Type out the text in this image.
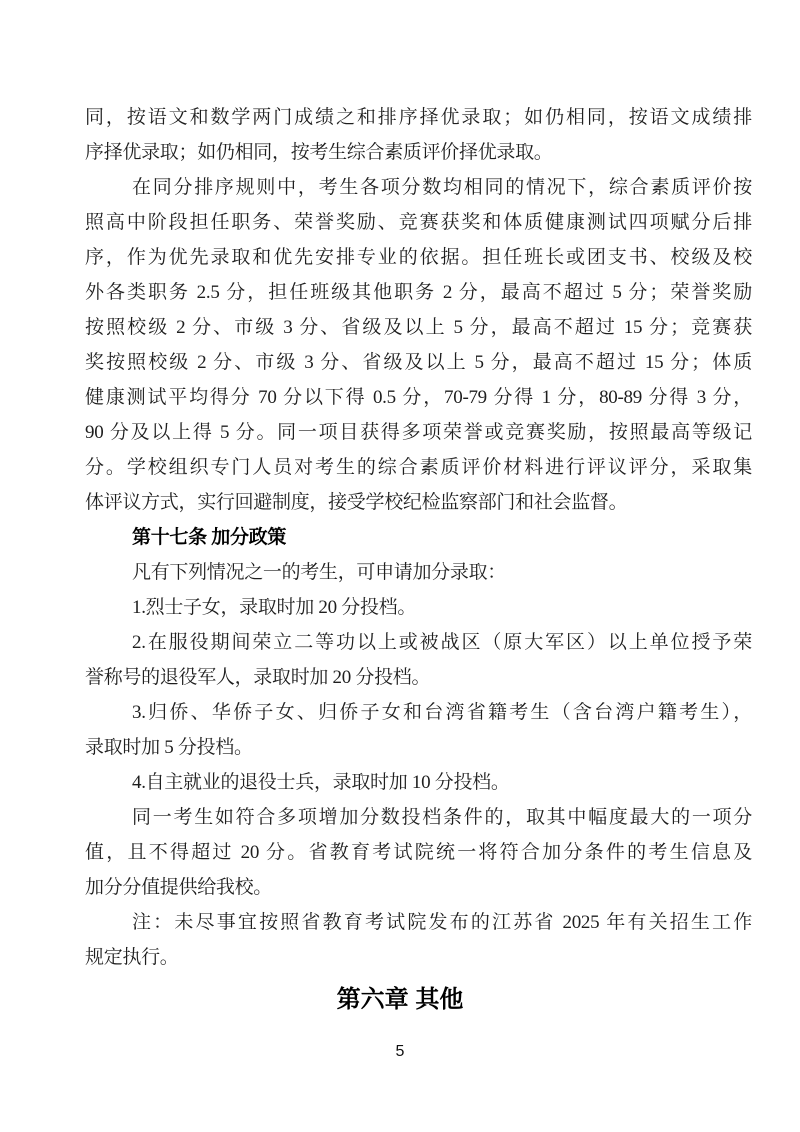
同，按语文和数学两门成绩之和排序择优录取；如仍相同，按语文成绩排
序择优录取；如仍相同，按考生综合素质评价择优录取。
在同分排序规则中，考生各项分数均相同的情况下，综合素质评价按
照高中阶段担任职务、荣誉奖励、竞赛获奖和体质健康测试四项赋分后排
序，作为优先录取和优先安排专业的依据。担任班长或团支书、校级及校
外各类职务 2.5 分，担任班级其他职务 2 分，最高不超过 5 分；荣誉奖励
按照校级 2 分、市级 3 分、省级及以上 5 分，最高不超过 15 分；竞赛获
奖按照校级 2 分、市级 3 分、省级及以上 5 分，最高不超过 15 分；体质
健康测试平均得分 70 分以下得 0.5 分，70-79 分得 1 分，80-89 分得 3 分，
90 分及以上得 5 分。同一项目获得多项荣誉或竞赛奖励，按照最高等级记
分。学校组织专门人员对考生的综合素质评价材料进行评议评分，采取集
体评议方式，实行回避制度，接受学校纪检监察部门和社会监督。
第十七条 加分政策
凡有下列情况之一的考生，可申请加分录取：
1.烈士子女，录取时加 20 分投档。
2.在服役期间荣立二等功以上或被战区（原大军区）以上单位授予荣
誉称号的退役军人，录取时加 20 分投档。
3.归侨、华侨子女、归侨子女和台湾省籍考生（含台湾户籍考生），
录取时加 5 分投档。
4.自主就业的退役士兵，录取时加 10 分投档。
同一考生如符合多项增加分数投档条件的，取其中幅度最大的一项分
值，且不得超过 20 分。省教育考试院统一将符合加分条件的考生信息及
加分分值提供给我校。
注：未尽事宜按照省教育考试院发布的江苏省 2025 年有关招生工作
规定执行。
第六章 其他
5
